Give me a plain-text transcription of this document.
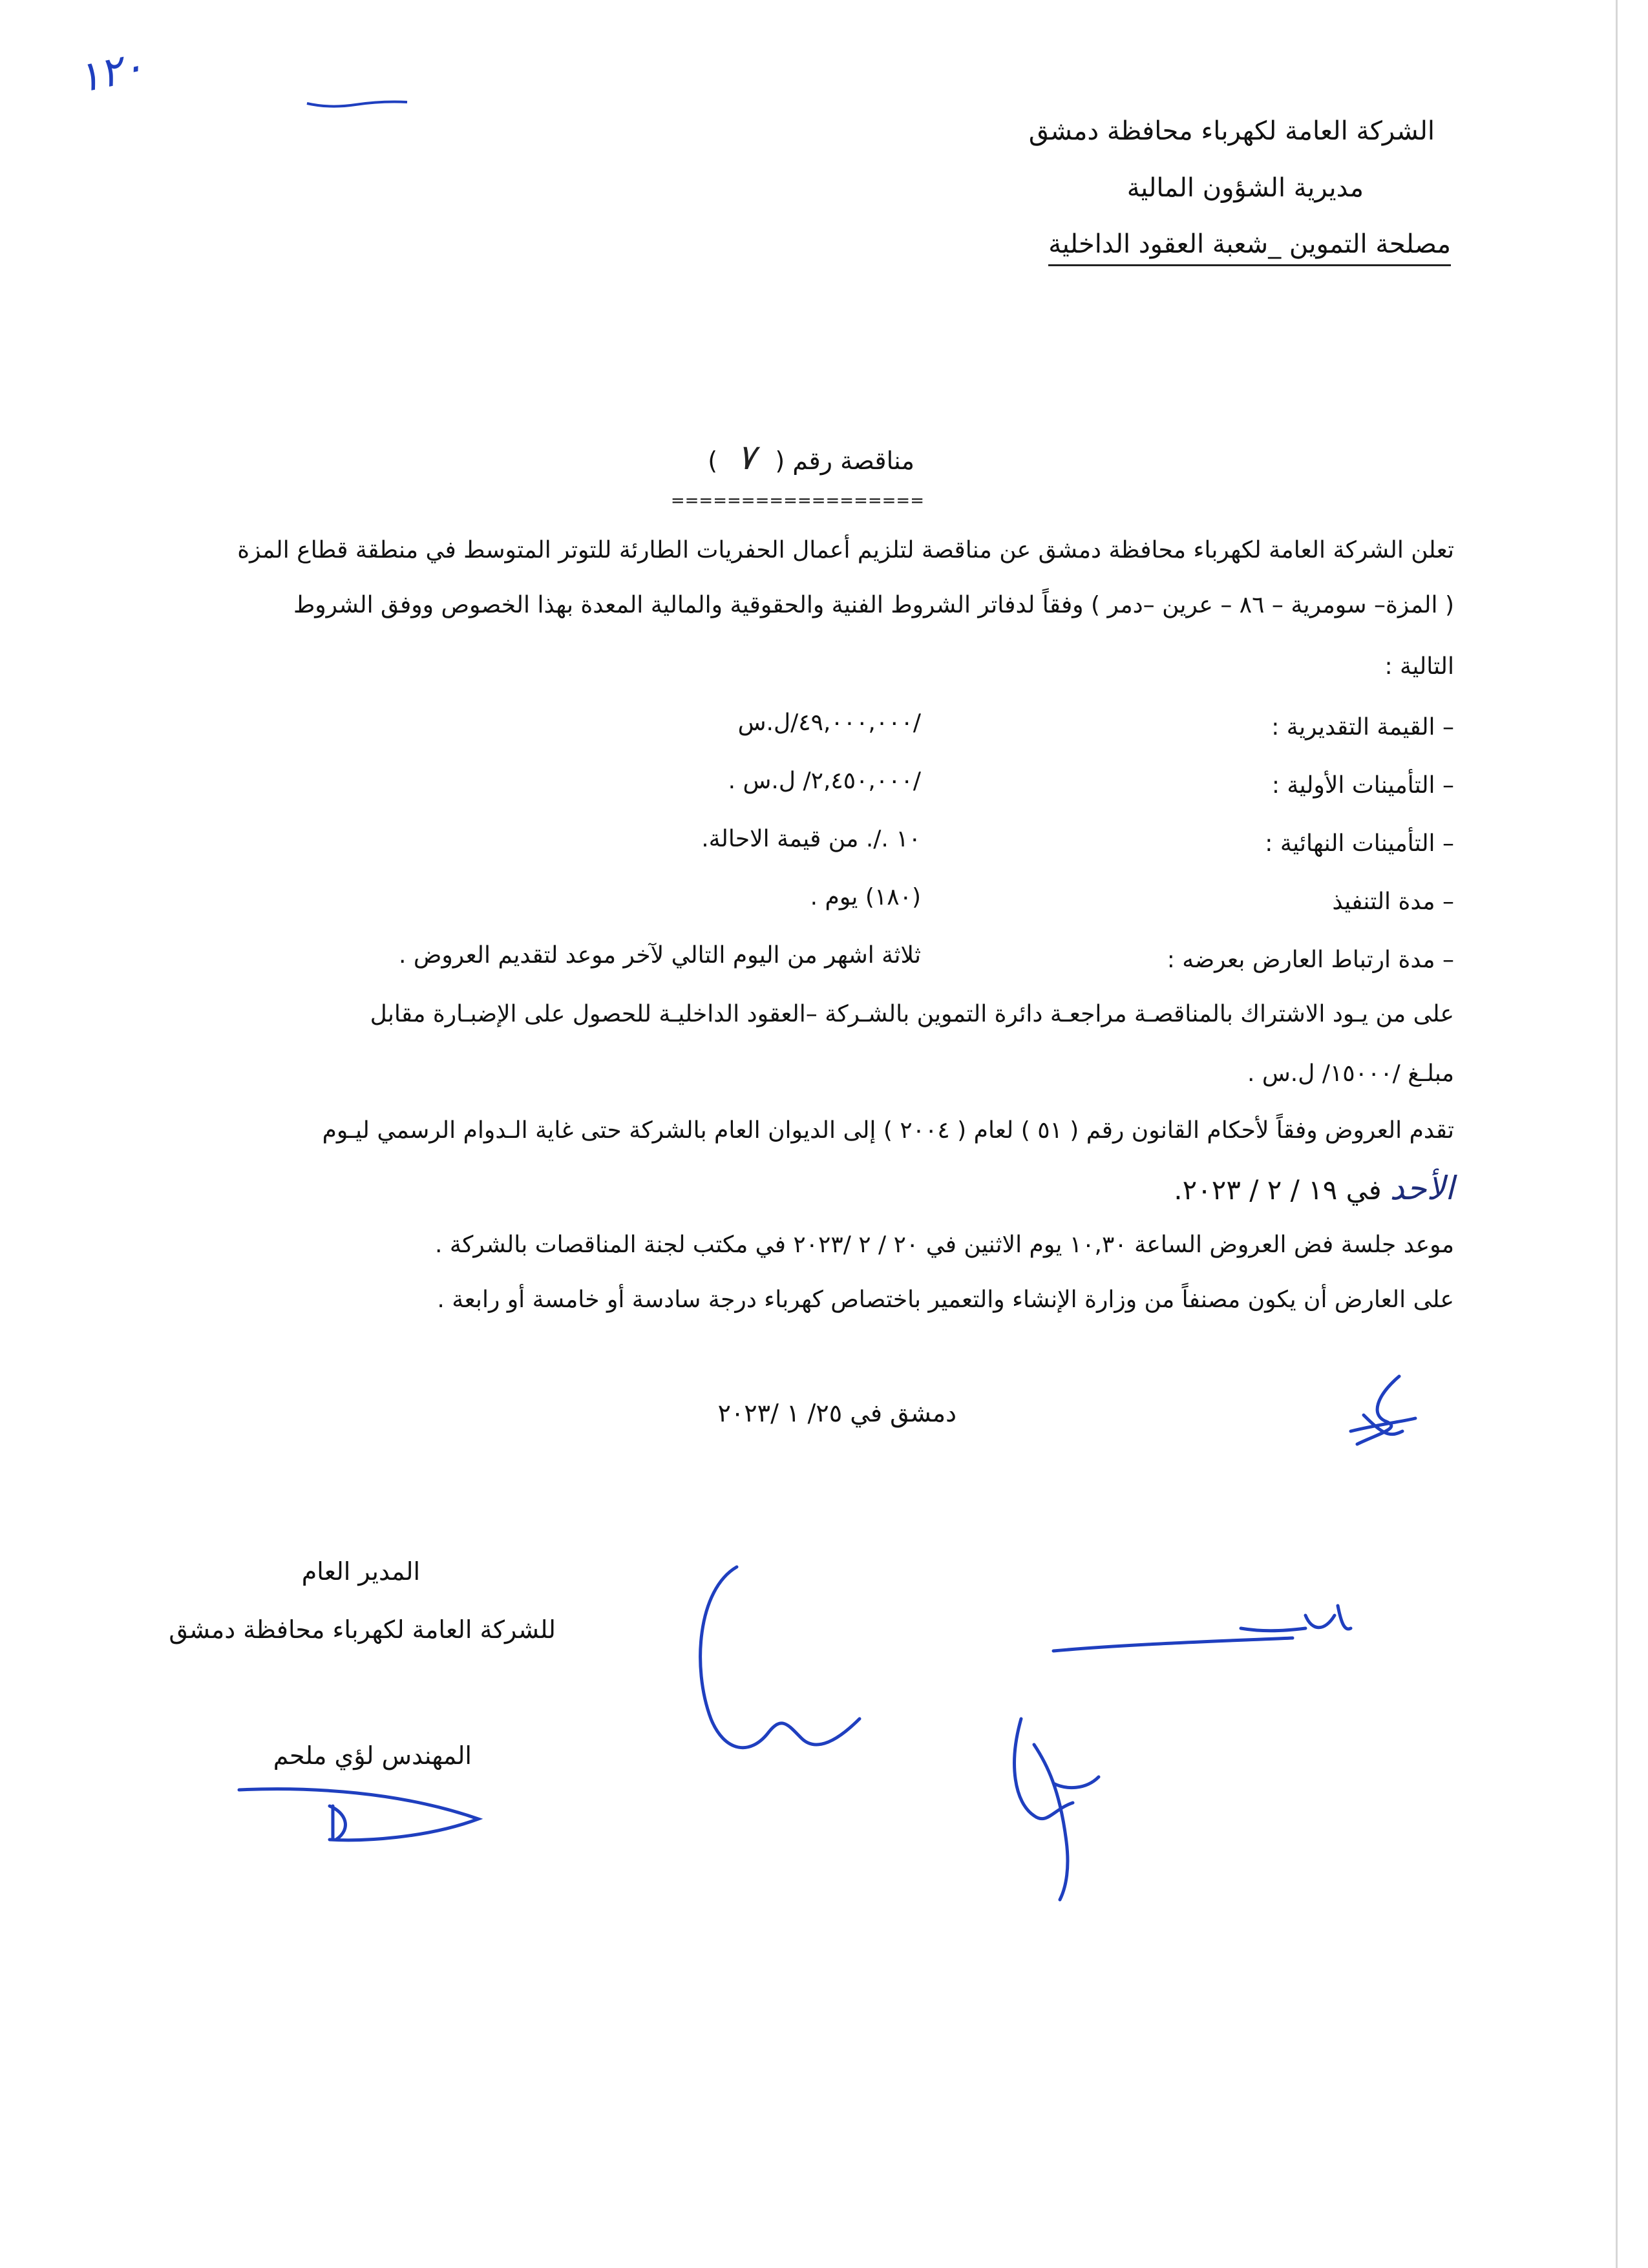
١٢٠
الشركة العامة لكهرباء محافظة دمشق
مديرية الشؤون المالية
مصلحة التموين _شعبة العقود الداخلية
مناقصة رقم ( ٧ )
==================
تعلن الشركة العامة لكهرباء محافظة دمشق عن مناقصة لتلزيم أعمال الحفريات الطارئة للتوتر المتوسط في منطقة قطاع المزة
( المزة– سومرية – ٨٦ – عرين –دمر ) وفقاً لدفاتر الشروط الفنية والحقوقية والمالية المعدة بهذا الخصوص ووفق الشروط
التالية :
– القيمة التقديرية :
/٤٩,٠٠٠,٠٠٠/ل.س
– التأمينات الأولية :
/٢,٤٥٠,٠٠٠/ ل.س .
– التأمينات النهائية :
١٠ ./. من قيمة الاحالة.
– مدة التنفيذ
(١٨٠) يوم .
– مدة ارتباط العارض بعرضه :
ثلاثة اشهر من اليوم التالي لآخر موعد لتقديم العروض .
على من يـود الاشتراك بالمناقصـة مراجعـة دائرة التموين بالشـركة –العقود الداخليـة للحصول على الإضبـارة مقابل
مبلـغ /١٥٠٠٠/ ل.س .
تقدم العروض وفقاً لأحكام القانون رقم ( ٥١ ) لعام ( ٢٠٠٤ ) إلى الديوان العام بالشركة حتى غاية الـدوام الرسمي ليـوم
الأحد في ١٩ / ٢ / ٢٠٢٣.
موعد جلسة فض العروض الساعة ١٠,٣٠ يوم الاثنين في ٢٠ / ٢ /٢٠٢٣ في مكتب لجنة المناقصات بالشركة .
على العارض أن يكون مصنفاً من وزارة الإنشاء والتعمير باختصاص كهرباء درجة سادسة أو خامسة أو رابعة .
دمشق في ٢٥/ ١ /٢٠٢٣
المدير العام
للشركة العامة لكهرباء محافظة دمشق
المهندس لؤي ملحم
